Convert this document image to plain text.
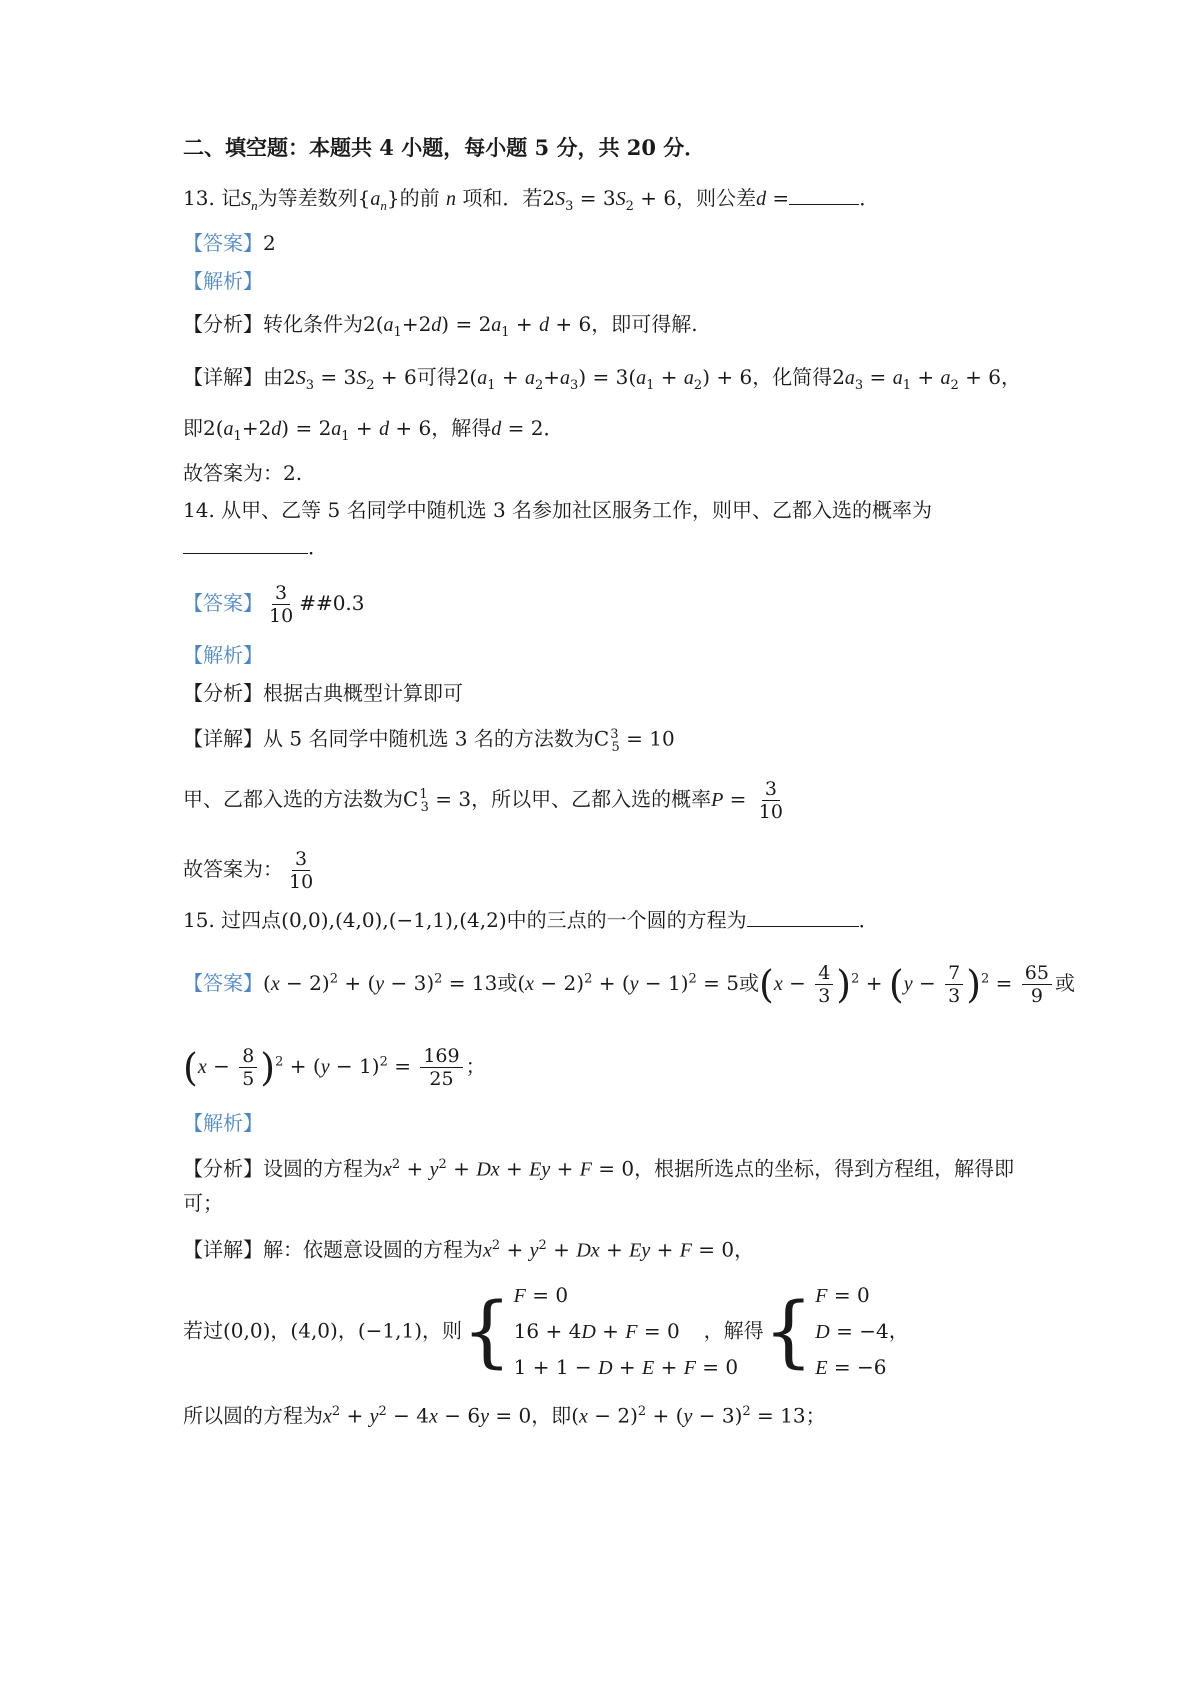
二、填空题：本题共 4 小题，每小题 5 分，共 20 分．
13. 记$S_n$为等差数列$\{a_n\}$的前 n 项和．若$2S_3 = 3S_2 + 6$，则公差d =	．
【答案】2
【解析】
【分析】转化条件为$2(a_1+2d) = 2a_1 + d + 6$，即可得解.
【详解】由$2S_3 = 3S_2 + 6$可得$2(a_1 + a_2+a_3) = 3(a_1 + a_2) + 6$，化简得$2a_3 = a_1 + a_2 + 6$，
即$2(a_1+2d) = 2a_1 + d + 6$，解得d = 2．
故答案为：2.
14. 从甲、乙等 5 名同学中随机选 3 名参加社区服务工作，则甲、乙都入选的概率为
．
【答案】 $\frac{3}{10}$ ##0.3
【解析】
【分析】根据古典概型计算即可
【详解】从 5 名同学中随机选 3 名的方法数为$C^3_5 = 10$
甲、乙都入选的方法数为$C^1_3 = 3$，所以甲、乙都入选的概率$P = \frac{3}{10}$
故答案为： $\frac{3}{10}$
15. 过四点(0,0),(4,0),(−1,1),(4,2)中的三点的一个圆的方程为	．
【答案】$(x - 2)^2 + (y - 3)^2 = 13$或$(x - 2)^2 + (y - 1)^2 = 5$或$(x - \frac{4}{3} )^2 + (y - \frac{7}{3} )^2 = \frac{65}{9}$ 或
$(x - \frac{8}{5} )^2 + (y - 1)^2 = \frac{169}{25}$ ；
【解析】
【分析】设圆的方程为$x^2 + y^2 + Dx + Ey + F = 0$，根据所选点的坐标，得到方程组，解得即
可；
【详解】解：依题意设圆的方程为$x^2 + y^2 + Dx + Ey + F = 0$，
若过(0,0)，(4,0)，(−1,1)，则 { F = 0
16 + 4D + F = 0
1 + 1 − D + E + F = 0
，解得 { F = 0
D = −4
E = −6
，
所以圆的方程为$x^2 + y^2 - 4x - 6y = 0$，即$(x - 2)^2 + (y - 3)^2 = 13$；
